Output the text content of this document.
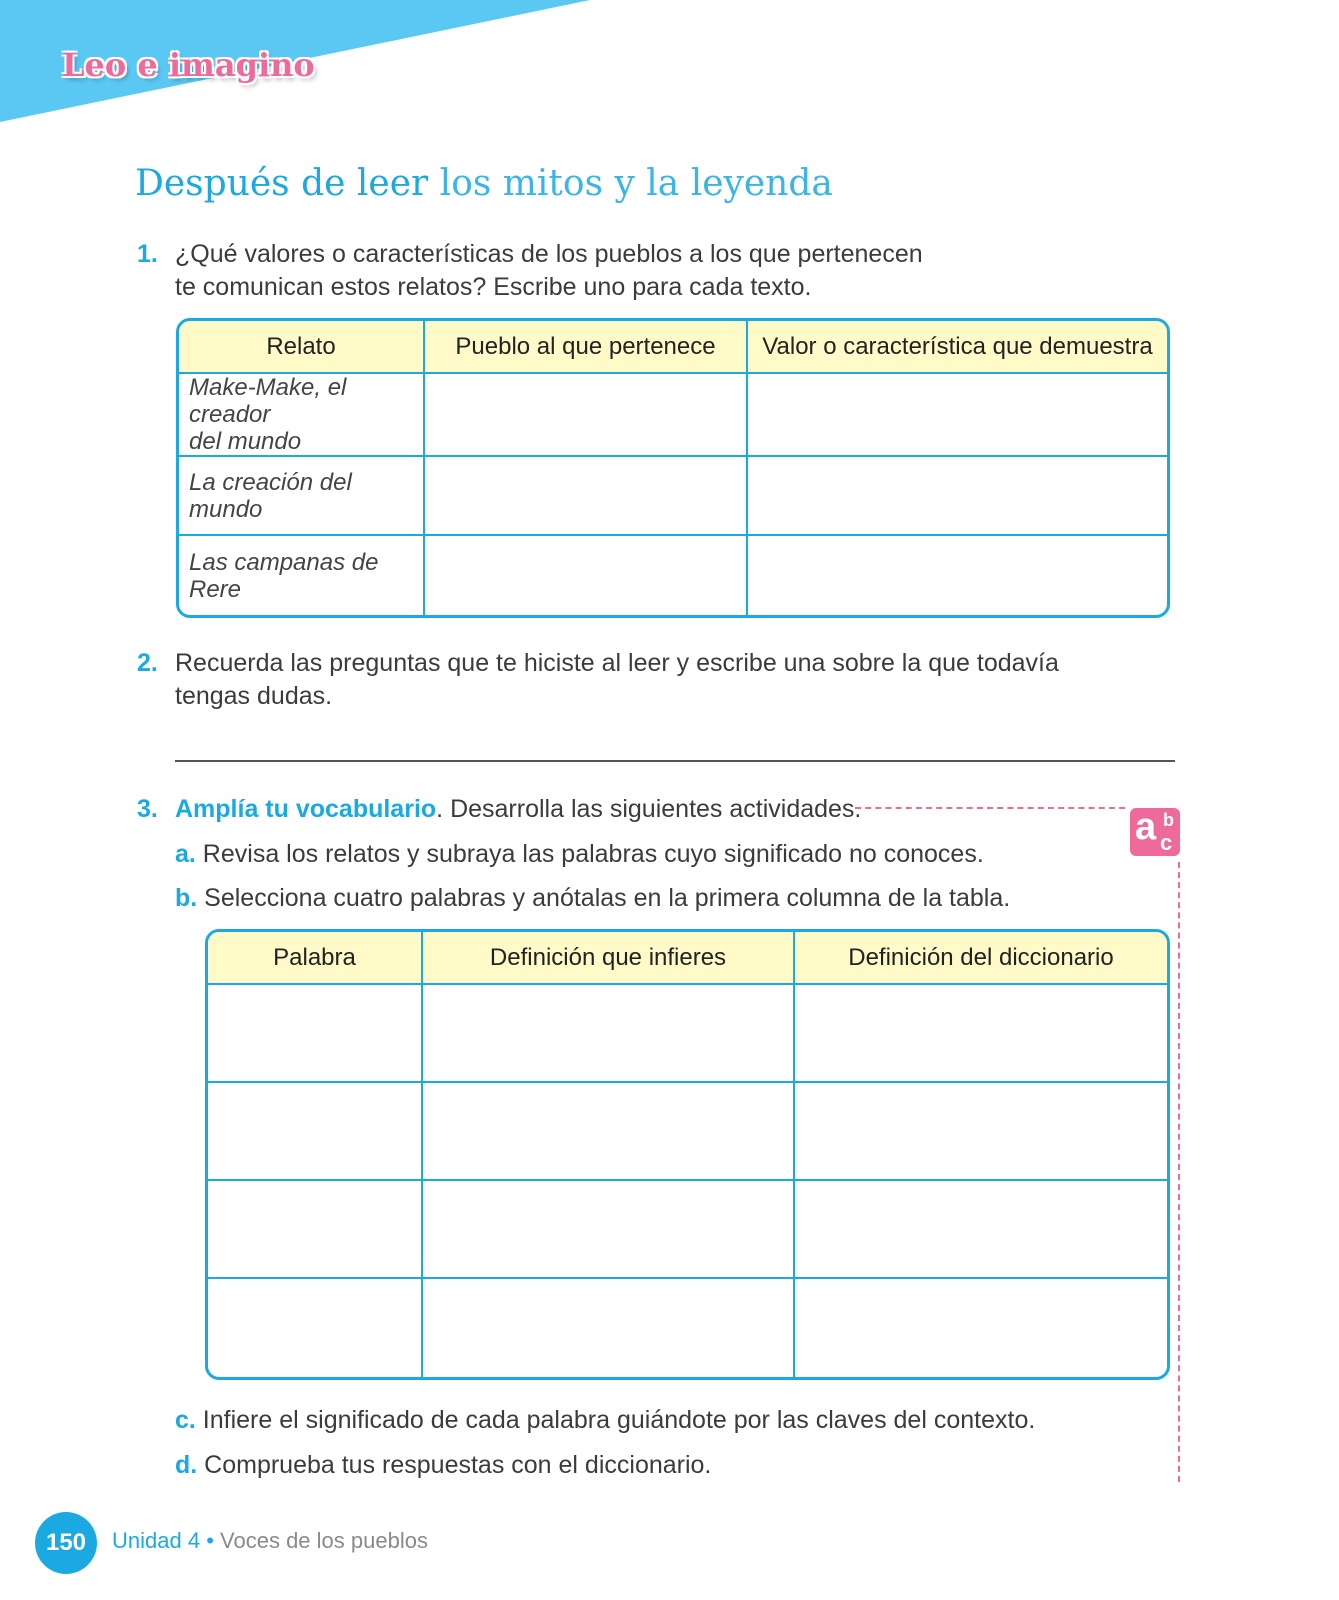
Leo e imagino
Después de leer los mitos y la leyenda
1. ¿Qué valores o características de los pueblos a los que pertenecen
te comunican estos relatos? Escribe uno para cada texto.
Relato	Pueblo al que pertenece	Valor o característica que demuestra
Make-Make, el creador
del mundo		
La creación del mundo		
Las campanas de Rere		
2. Recuerda las preguntas que te hiciste al leer y escribe una sobre la que todavía
tengas dudas.
3. Amplía tu vocabulario. Desarrolla las siguientes actividades.
a. Revisa los relatos y subraya las palabras cuyo significado no conoces.
b. Selecciona cuatro palabras y anótalas en la primera columna de la tabla.
a b
c
Palabra	Definición que infieres	Definición del diccionario

c. Infiere el significado de cada palabra guiándote por las claves del contexto.
d. Comprueba tus respuestas con el diccionario.
150	Unidad 4 • Voces de los pueblos
